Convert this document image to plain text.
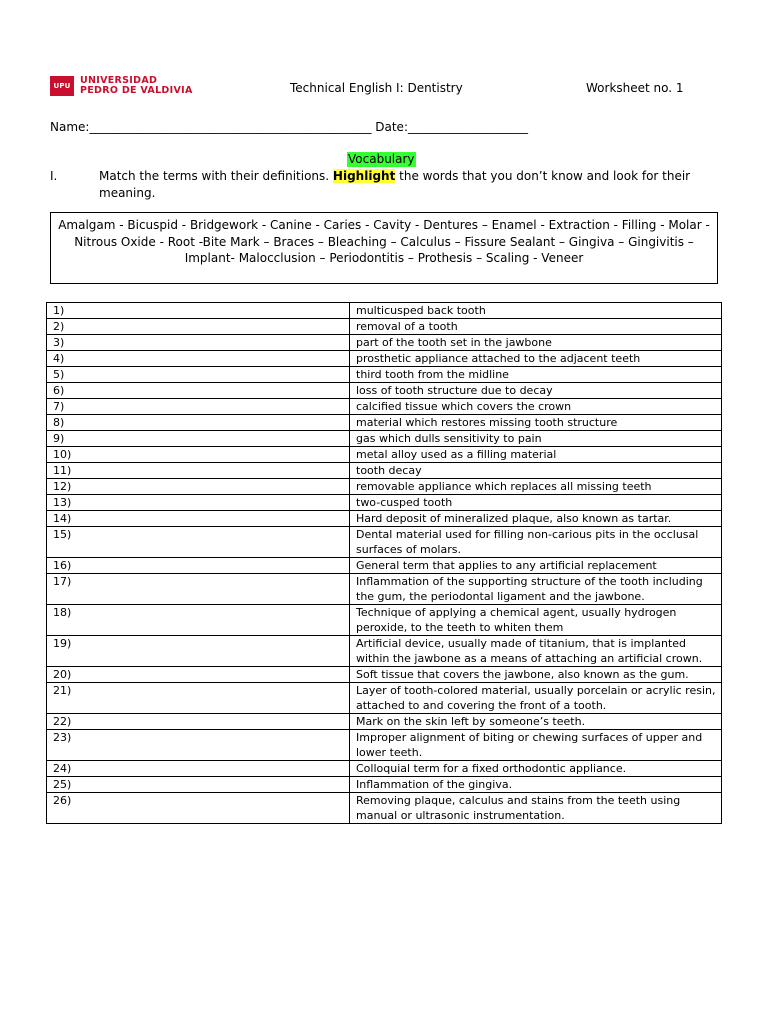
UPU UNIVERSIDAD
PEDRO DE VALDIVIA	Technical English I: Dentistry	Worksheet no. 1
Name:_______________________________________________ Date:____________________
Vocabulary
I.	Match the terms with their definitions. Highlight the words that you don’t know and look for their meaning.
Amalgam - Bicuspid - Bridgework - Canine - Caries - Cavity - Dentures – Enamel - Extraction - Filling - Molar - Nitrous Oxide - Root -Bite Mark – Braces – Bleaching – Calculus – Fissure Sealant – Gingiva – Gingivitis – Implant- Malocclusion – Periodontitis – Prothesis – Scaling - Veneer
1)	multicusped back tooth
2)	removal of a tooth
3)	part of the tooth set in the jawbone
4)	prosthetic appliance attached to the adjacent teeth
5)	third tooth from the midline
6)	loss of tooth structure due to decay
7)	calcified tissue which covers the crown
8)	material which restores missing tooth structure
9)	gas which dulls sensitivity to pain
10)	metal alloy used as a filling material
11)	tooth decay
12)	removable appliance which replaces all missing teeth
13)	two-cusped tooth
14)	Hard deposit of mineralized plaque, also known as tartar.
15)	Dental material used for filling non-carious pits in the occlusal surfaces of molars.
16)	General term that applies to any artificial replacement
17)	Inflammation of the supporting structure of the tooth including the gum, the periodontal ligament and the jawbone.
18)	Technique of applying a chemical agent, usually hydrogen peroxide, to the teeth to whiten them
19)	Artificial device, usually made of titanium, that is implanted within the jawbone as a means of attaching an artificial crown.
20)	Soft tissue that covers the jawbone, also known as the gum.
21)	Layer of tooth-colored material, usually porcelain or acrylic resin, attached to and covering the front of a tooth.
22)	Mark on the skin left by someone’s teeth.
23)	Improper alignment of biting or chewing surfaces of upper and lower teeth.
24)	Colloquial term for a fixed orthodontic appliance.
25)	Inflammation of the gingiva.
26)	Removing plaque, calculus and stains from the teeth using manual or ultrasonic instrumentation.
